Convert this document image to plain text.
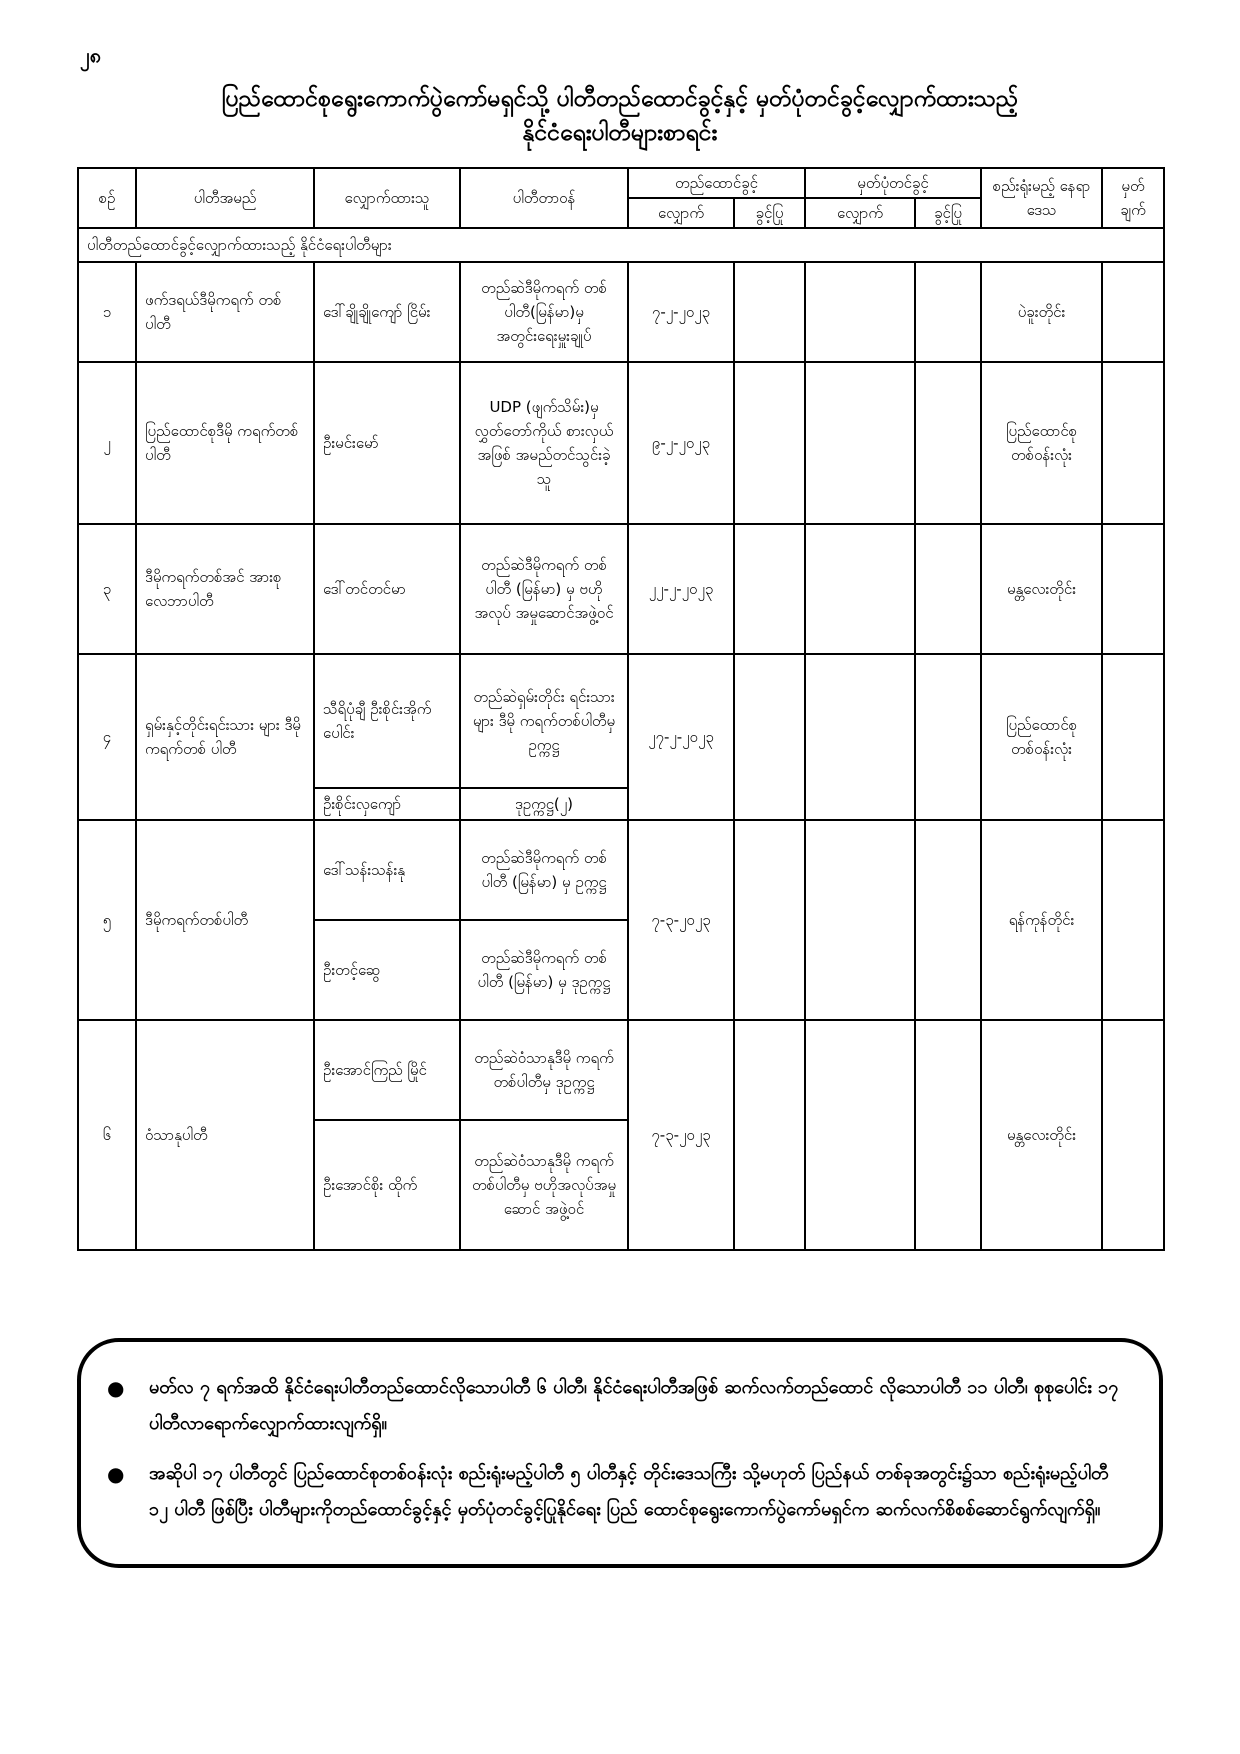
၂၈
ပြည်ထောင်စုရွေးကောက်ပွဲကော်မရှင်သို့ ပါတီတည်ထောင်ခွင့်နှင့် မှတ်ပုံတင်ခွင့်လျှောက်ထားသည့်
နိုင်ငံရေးပါတီများစာရင်း
စဉ်	ပါတီအမည်	လျှောက်ထားသူ	ပါတီတာဝန်	တည်ထောင်ခွင့်		မှတ်ပုံတင်ခွင့်		စည်းရုံးမည့် နေရာဒေသ	မှတ် ချက်
				လျှောက်	ခွင့်ပြု	လျှောက်	ခွင့်ပြု		
ပါတီတည်ထောင်ခွင့်လျှောက်ထားသည့် နိုင်ငံရေးပါတီများ									
၁	ဖက်ဒရယ်ဒီမိုကရက် တစ်ပါတီ	ဒေါ်ချိုချိုကျော် ငြိမ်း	တည်ဆဲဒီမိုကရက် တစ်ပါတီ(မြန်မာ)မှ အတွင်းရေးမှူးချုပ်	၇-၂-၂၀၂၃				ပဲခူးတိုင်း	
၂	ပြည်ထောင်စုဒီမို ကရက်တစ်ပါတီ	ဦးမင်းမော်	UDP (ဖျက်သိမ်း)မှ လွှတ်တော်ကိုယ် စားလှယ်အဖြစ် အမည်တင်သွင်းခဲ့ သူ	၉-၂-၂၀၂၃				ပြည်ထောင်စု တစ်ဝန်းလုံး	
၃	ဒီမိုကရက်တစ်အင် အားစု လေဘာပါတီ	ဒေါ်တင်တင်မာ	တည်ဆဲဒီမိုကရက် တစ်ပါတီ (မြန်မာ) မှ ဗဟိုအလုပ် အမှုဆောင်အဖွဲ့ဝင်	၂၂-၂-၂၀၂၃				မန္တလေးတိုင်း	
၄	ရှမ်းနှင့်တိုင်းရင်းသား များ ဒီမိုကရက်တစ် ပါတီ	သီရိပုံချီ ဦးစိုင်းအိုက်ပေါင်း	တည်ဆဲရှမ်းတိုင်း ရင်းသားများ ဒီမို ကရက်တစ်ပါတီမှ ဥက္ကဋ္ဌ	၂၇-၂-၂၀၂၃				ပြည်ထောင်စု တစ်ဝန်းလုံး	
		ဦးစိုင်းလှကျော်	ဒုဥက္ကဋ္ဌ(၂)						
၅	ဒီမိုကရက်တစ်ပါတီ	ဒေါ်သန်းသန်းနု	တည်ဆဲဒီမိုကရက် တစ်ပါတီ (မြန်မာ) မှ ဥက္ကဋ္ဌ	၇-၃-၂၀၂၃				ရန်ကုန်တိုင်း	
		ဦးတင့်ဆွေ	တည်ဆဲဒီမိုကရက် တစ်ပါတီ (မြန်မာ) မှ ဒုဥက္ကဋ္ဌ						
၆	ဝံသာနုပါတီ	ဦးအောင်ကြည် မြိုင်	တည်ဆဲဝံသာနုဒီမို ကရက်တစ်ပါတီမှ ဒုဥက္ကဋ္ဌ	၇-၃-၂၀၂၃				မန္တလေးတိုင်း	
		ဦးအောင်စိုး ထိုက်	တည်ဆဲဝံသာနုဒီမို ကရက်တစ်ပါတီမှ ဗဟိုအလုပ်အမှု ဆောင် အဖွဲ့ဝင်						
● မတ်လ ၇ ရက်အထိ နိုင်ငံရေးပါတီတည်ထောင်လိုသောပါတီ ၆ ပါတီ၊ နိုင်ငံရေးပါတီအဖြစ် ဆက်လက်တည်ထောင် လိုသောပါတီ ၁၁ ပါတီ၊ စုစုပေါင်း ၁၇ ပါတီလာရောက်လျှောက်ထားလျက်ရှိ။
● အဆိုပါ ၁၇ ပါတီတွင် ပြည်ထောင်စုတစ်ဝန်းလုံး စည်းရုံးမည့်ပါတီ ၅ ပါတီနှင့် တိုင်းဒေသကြီး သို့မဟုတ် ပြည်နယ် တစ်ခုအတွင်း၌သာ စည်းရုံးမည့်ပါတီ ၁၂ ပါတီ ဖြစ်ပြီး ပါတီများကိုတည်ထောင်ခွင့်နှင့် မှတ်ပုံတင်ခွင့်ပြုနိုင်ရေး ပြည် ထောင်စုရွေးကောက်ပွဲကော်မရှင်က ဆက်လက်စိစစ်ဆောင်ရွက်လျက်ရှိ။
